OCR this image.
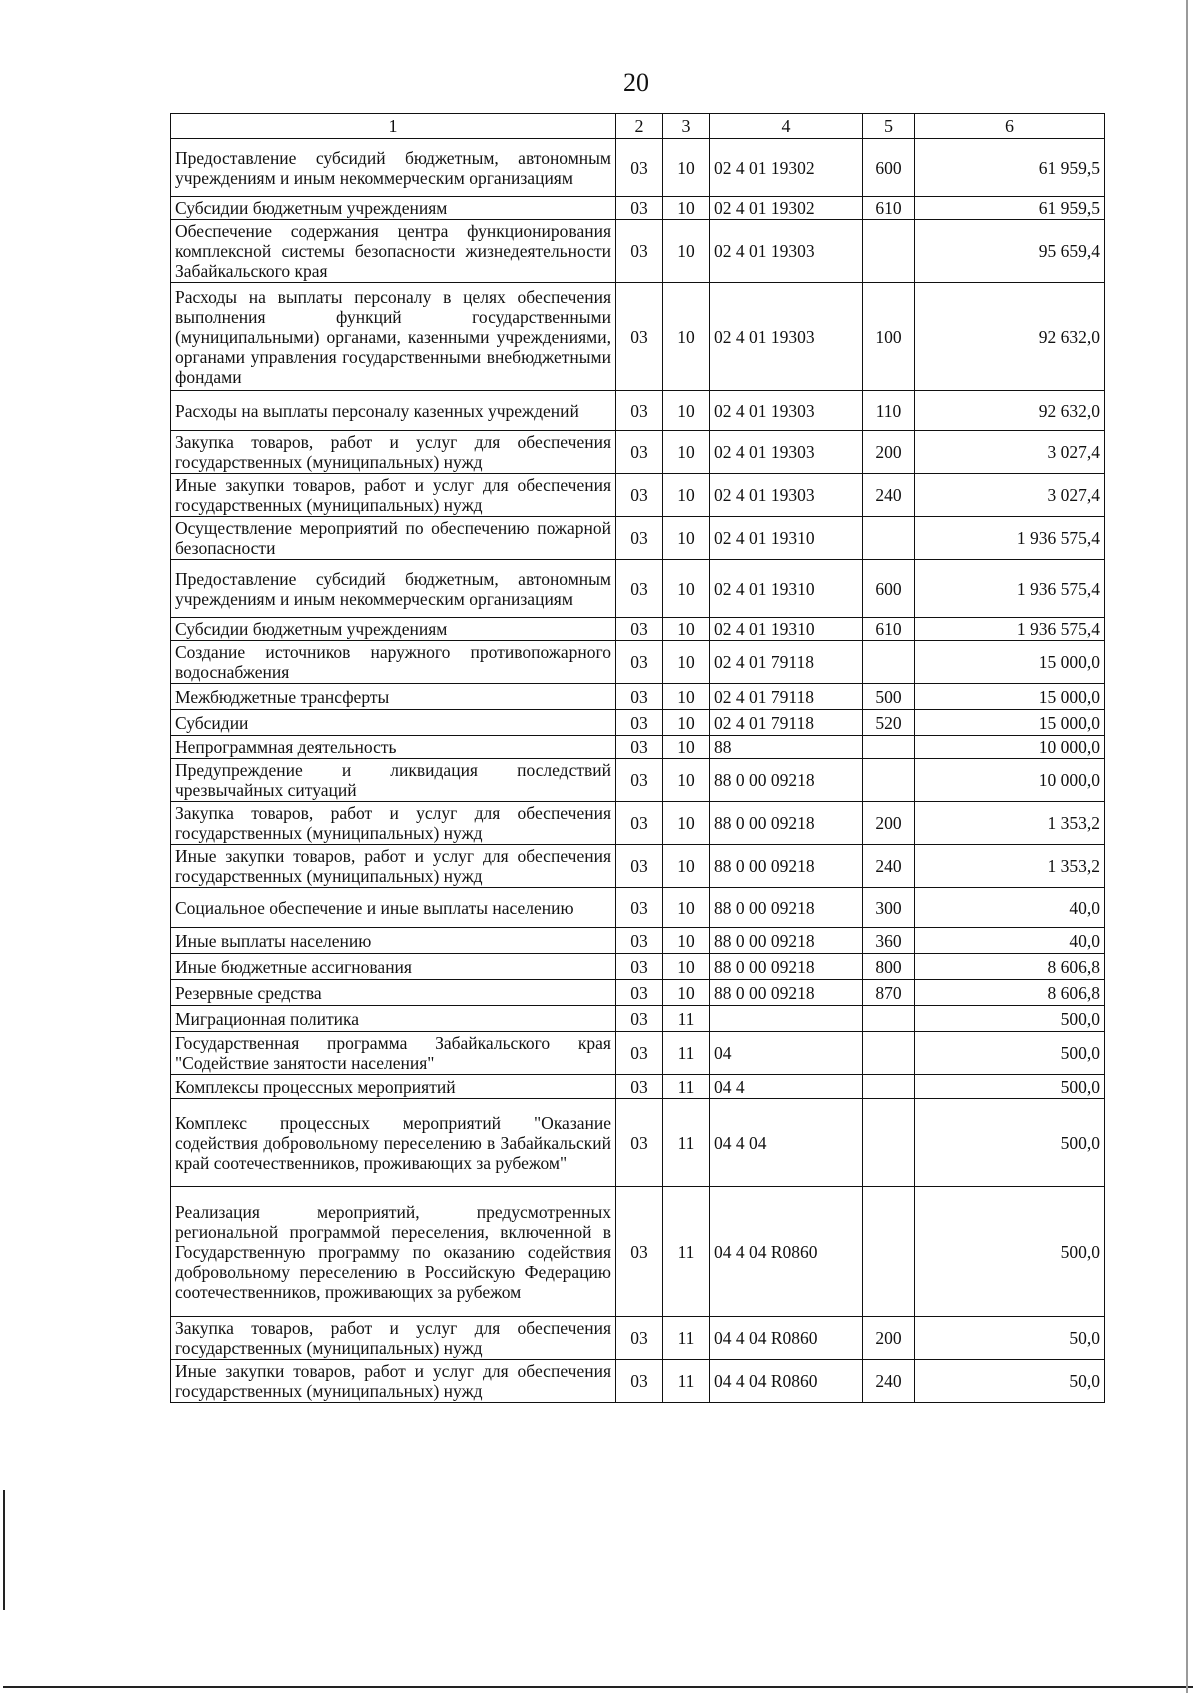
20
1	2	3	4	5	6
Предоставление субсидий бюджетным, автономным учреждениям и иным некоммерческим организациям	03	10	02 4 01 19302	600	61 959,5
Субсидии бюджетным учреждениям	03	10	02 4 01 19302	610	61 959,5
Обеспечение содержания центра функционирования комплексной системы безопасности жизнедеятельности Забайкальского края	03	10	02 4 01 19303		95 659,4
Расходы на выплаты персоналу в целях обеспечения выполнения функций государственными (муниципальными) органами, казенными учреждениями, органами управления государственными внебюджетными фондами	03	10	02 4 01 19303	100	92 632,0
Расходы на выплаты персоналу казенных учреждений	03	10	02 4 01 19303	110	92 632,0
Закупка товаров, работ и услуг для обеспечения государственных (муниципальных) нужд	03	10	02 4 01 19303	200	3 027,4
Иные закупки товаров, работ и услуг для обеспечения государственных (муниципальных) нужд	03	10	02 4 01 19303	240	3 027,4
Осуществление мероприятий по обеспечению пожарной безопасности	03	10	02 4 01 19310		1 936 575,4
Предоставление субсидий бюджетным, автономным учреждениям и иным некоммерческим организациям	03	10	02 4 01 19310	600	1 936 575,4
Субсидии бюджетным учреждениям	03	10	02 4 01 19310	610	1 936 575,4
Создание источников наружного противопожарного водоснабжения	03	10	02 4 01 79118		15 000,0
Межбюджетные трансферты	03	10	02 4 01 79118	500	15 000,0
Субсидии	03	10	02 4 01 79118	520	15 000,0
Непрограммная деятельность	03	10	88		10 000,0
Предупреждение и ликвидация последствий чрезвычайных ситуаций	03	10	88 0 00 09218		10 000,0
Закупка товаров, работ и услуг для обеспечения государственных (муниципальных) нужд	03	10	88 0 00 09218	200	1 353,2
Иные закупки товаров, работ и услуг для обеспечения государственных (муниципальных) нужд	03	10	88 0 00 09218	240	1 353,2
Социальное обеспечение и иные выплаты населению	03	10	88 0 00 09218	300	40,0
Иные выплаты населению	03	10	88 0 00 09218	360	40,0
Иные бюджетные ассигнования	03	10	88 0 00 09218	800	8 606,8
Резервные средства	03	10	88 0 00 09218	870	8 606,8
Миграционная политика	03	11			500,0
Государственная программа Забайкальского края "Содействие занятости населения"	03	11	04		500,0
Комплексы процессных мероприятий	03	11	04 4		500,0
Комплекс процессных мероприятий "Оказание содействия добровольному переселению в Забайкальский край соотечественников, проживающих за рубежом"	03	11	04 4 04		500,0
Реализация мероприятий, предусмотренных региональной программой переселения, включенной в Государственную программу по оказанию содействия добровольному переселению в Российскую Федерацию соотечественников, проживающих за рубежом	03	11	04 4 04 R0860		500,0
Закупка товаров, работ и услуг для обеспечения государственных (муниципальных) нужд	03	11	04 4 04 R0860	200	50,0
Иные закупки товаров, работ и услуг для обеспечения государственных (муниципальных) нужд	03	11	04 4 04 R0860	240	50,0
